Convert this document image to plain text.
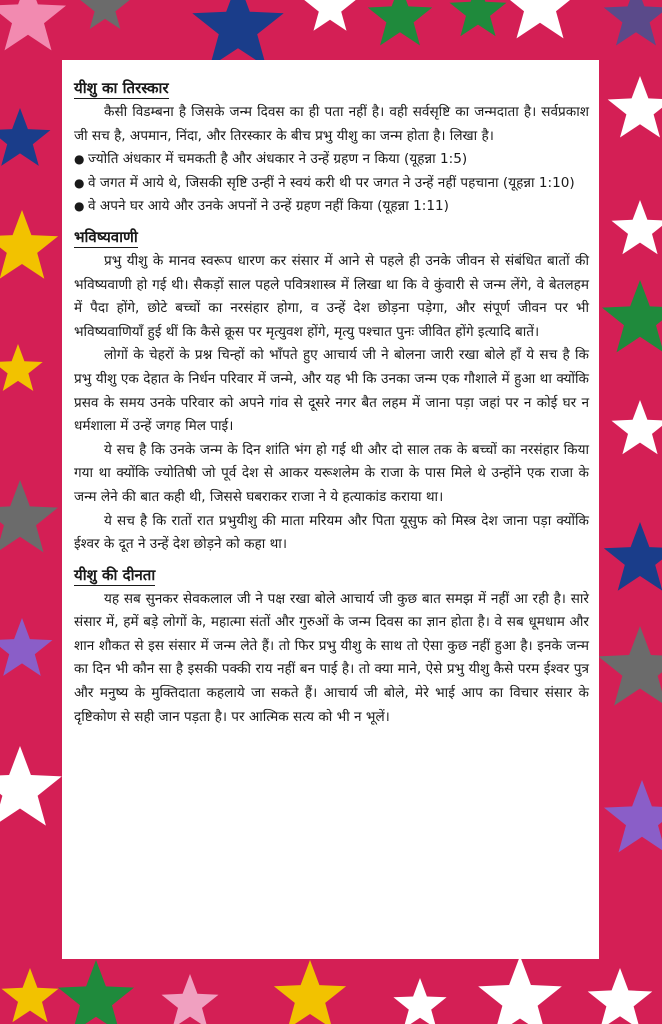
यीशु का तिरस्कार

कैसी विडम्बना है जिसके जन्म दिवस का ही पता नहीं है। वही सर्वसृष्टि का जन्मदाता है। सर्वप्रकाश जी सच है, अपमान, निंदा, और तिरस्कार के बीच प्रभु यीशु का जन्म होता है। लिखा है।

● ज्योति अंधकार में चमकती है और अंधकार ने उन्हें ग्रहण न किया (यूहन्ना 1:5)
● वे जगत में आये थे, जिसकी सृष्टि उन्हीं ने स्वयं करी थी पर जगत ने उन्हें नहीं पहचाना (यूहन्ना 1:10)
● वे अपने घर आये और उनके अपनों ने उन्हें ग्रहण नहीं किया (यूहन्ना 1:11)
भविष्यवाणी

प्रभु यीशु के मानव स्वरूप धारण कर संसार में आने से पहले ही उनके जीवन से संबंधित बातों की भविष्यवाणी हो गई थी। सैकड़ों साल पहले पवित्रशास्त्र में लिखा था कि वे कुंवारी से जन्म लेंगे, वे बेतलहम में पैदा होंगे, छोटे बच्चों का नरसंहार होगा, व उन्हें देश छोड़ना पड़ेगा, और संपूर्ण जीवन पर भी भविष्यवाणियाँ हुई थीं कि कैसे क्रूस पर मृत्युवश होंगे, मृत्यु पश्चात पुनः जीवित होंगे इत्यादि बातें।

लोगों के चेहरों के प्रश्न चिन्हों को भाँपते हुए आचार्य जी ने बोलना जारी रखा बोले हाँ ये सच है कि प्रभु यीशु एक देहात के निर्धन परिवार में जन्मे, और यह भी कि उनका जन्म एक गौशाले में हुआ था क्योंकि प्रसव के समय उनके परिवार को अपने गांव से दूसरे नगर बैत लहम में जाना पड़ा जहां पर न कोई घर न धर्मशाला में उन्हें जगह मिल पाई।

ये सच है कि उनके जन्म के दिन शांति भंग हो गई थी और दो साल तक के बच्चों का नरसंहार किया गया था क्योंकि ज्योतिषी जो पूर्व देश से आकर यरूशलेम के राजा के पास मिले थे उन्होंने एक राजा के जन्म लेने की बात कही थी, जिससे घबराकर राजा ने ये हत्याकांड कराया था।

ये सच है कि रातों रात प्रभुयीशु की माता मरियम और पिता यूसुफ को मिस्त्र देश जाना पड़ा क्योंकि ईश्वर के दूत ने उन्हें देश छोड़ने को कहा था।

यीशु की दीनता

यह सब सुनकर सेवकलाल जी ने पक्ष रखा बोले आचार्य जी कुछ बात समझ में नहीं आ रही है। सारे संसार में, हमें बड़े लोगों के, महात्मा संतों और गुरुओं के जन्म दिवस का ज्ञान होता है। वे सब धूमधाम और शान शौकत से इस संसार में जन्म लेते हैं। तो फिर प्रभु यीशु के साथ तो ऐसा कुछ नहीं हुआ है। इनके जन्म का दिन भी कौन सा है इसकी पक्की राय नहीं बन पाई है। तो क्या माने, ऐसे प्रभु यीशु कैसे परम ईश्वर पुत्र और मनुष्य के मुक्तिदाता कहलाये जा सकते हैं। आचार्य जी बोले, मेरे भाई आप का विचार संसार के दृष्टिकोण से सही जान पड़ता है। पर आत्मिक सत्य को भी न भूलें।
